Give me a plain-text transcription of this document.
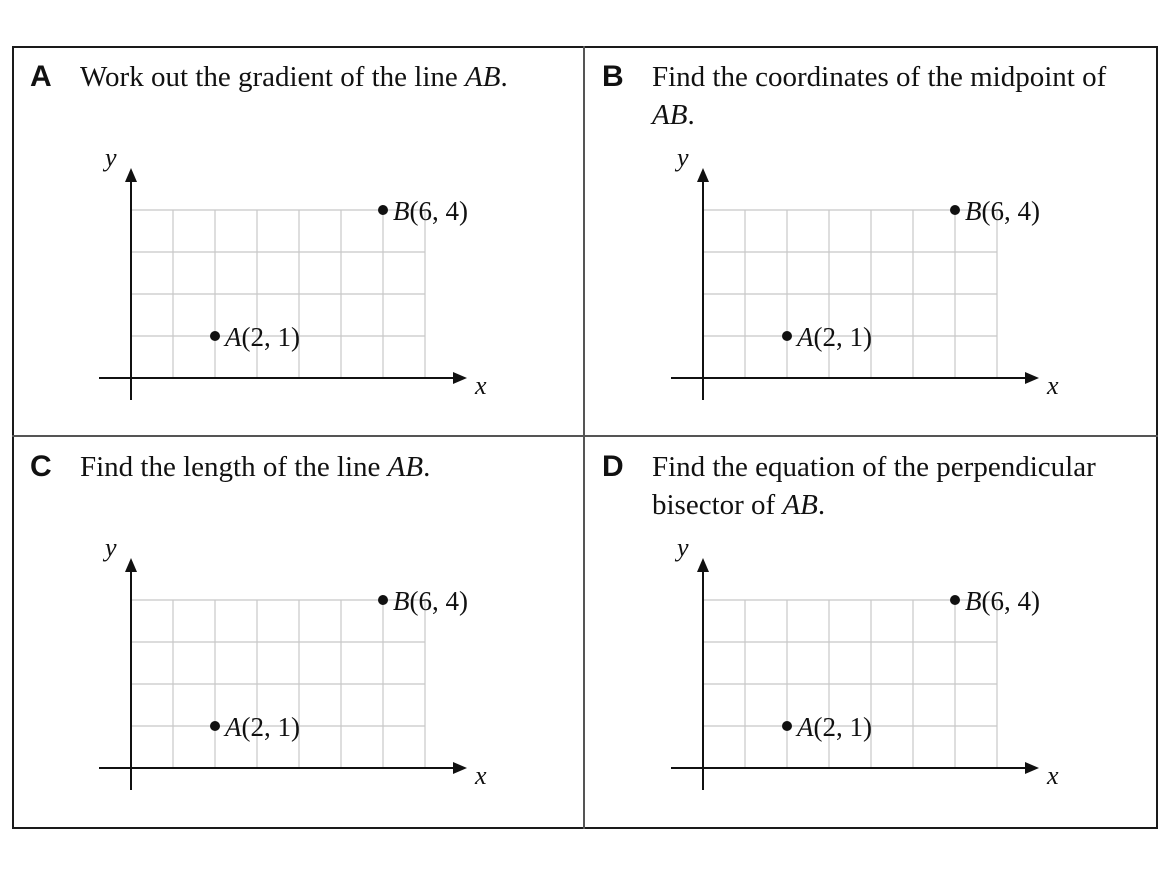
A Work out the gradient of the line AB.
x
y
A(2, 1)
B(6, 4)
B Find the coordinates of the midpoint of AB.
x
y
A(2, 1)
B(6, 4)
C Find the length of the line AB.
x
y
A(2, 1)
B(6, 4)
D Find the equation of the perpendicular bisector of AB.
x
y
A(2, 1)
B(6, 4)
